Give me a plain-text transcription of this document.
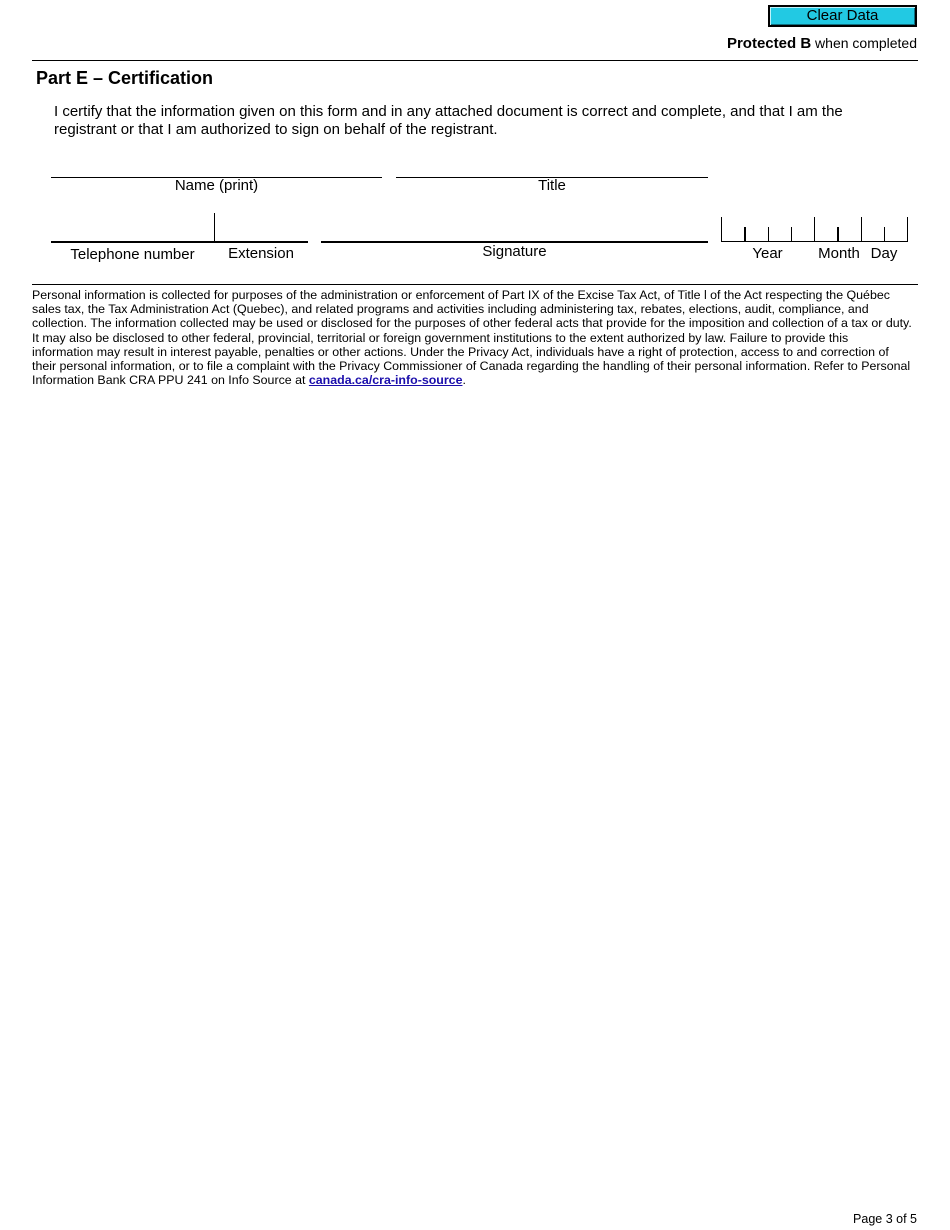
Clear Data
Protected B when completed
Part E – Certification
I certify that the information given on this form and in any attached document is correct and complete, and that I am the registrant or that I am authorized to sign on behalf of the registrant.
Name (print)	Title
Telephone number	Extension	Signature	Year	Month Day
Personal information is collected for purposes of the administration or enforcement of Part IX of the Excise Tax Act, of Title l of the Act respecting the Québec sales tax, the Tax Administration Act (Quebec), and related programs and activities including administering tax, rebates, elections, audit, compliance, and collection. The information collected may be used or disclosed for the purposes of other federal acts that provide for the imposition and collection of a tax or duty. It may also be disclosed to other federal, provincial, territorial or foreign government institutions to the extent authorized by law. Failure to provide this information may result in interest payable, penalties or other actions. Under the Privacy Act, individuals have a right of protection, access to and correction of their personal information, or to file a complaint with the Privacy Commissioner of Canada regarding the handling of their personal information. Refer to Personal Information Bank CRA PPU 241 on Info Source at canada.ca/cra-info-source.
Page 3 of 5
